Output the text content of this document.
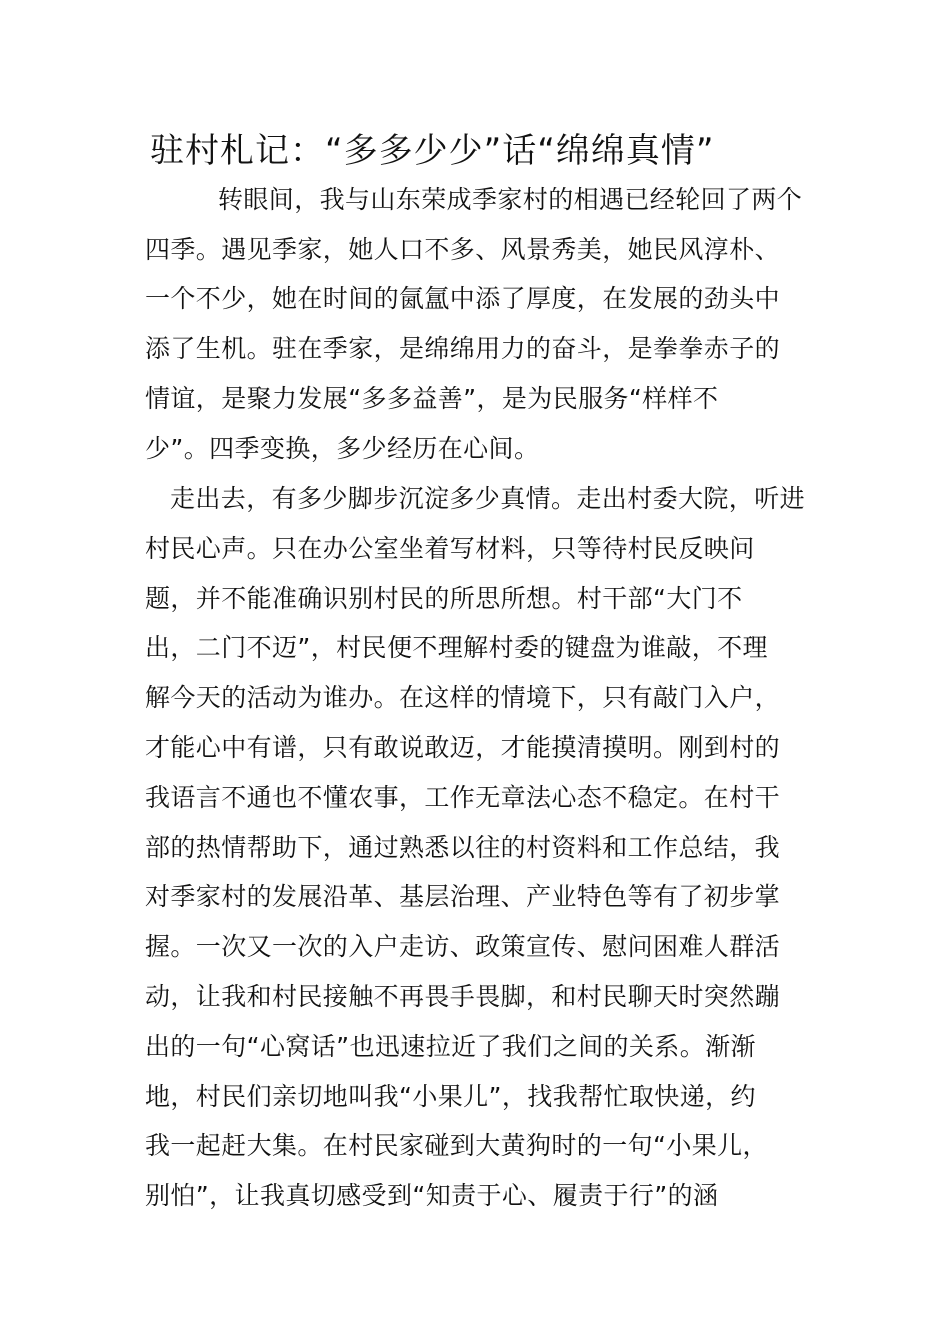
驻村札记：“多多少少”话“绵绵真情”
转眼间，我与山东荣成季家村的相遇已经轮回了两个
四季。遇见季家，她人口不多、风景秀美，她民风淳朴、
一个不少，她在时间的氤氲中添了厚度，在发展的劲头中
添了生机。驻在季家，是绵绵用力的奋斗，是拳拳赤子的
情谊，是聚力发展“多多益善”，是为民服务“样样不
少”。四季变换，多少经历在心间。
走出去，有多少脚步沉淀多少真情。走出村委大院，听进
村民心声。只在办公室坐着写材料，只等待村民反映问
题，并不能准确识别村民的所思所想。村干部“大门不
出，二门不迈”，村民便不理解村委的键盘为谁敲，不理
解今天的活动为谁办。在这样的情境下，只有敲门入户，
才能心中有谱，只有敢说敢迈，才能摸清摸明。刚到村的
我语言不通也不懂农事，工作无章法心态不稳定。在村干
部的热情帮助下，通过熟悉以往的村资料和工作总结，我
对季家村的发展沿革、基层治理、产业特色等有了初步掌
握。一次又一次的入户走访、政策宣传、慰问困难人群活
动，让我和村民接触不再畏手畏脚，和村民聊天时突然蹦
出的一句“心窝话”也迅速拉近了我们之间的关系。渐渐
地，村民们亲切地叫我“小果儿”，找我帮忙取快递，约
我一起赶大集。在村民家碰到大黄狗时的一句“小果儿，
别怕”，让我真切感受到“知责于心、履责于行”的涵
